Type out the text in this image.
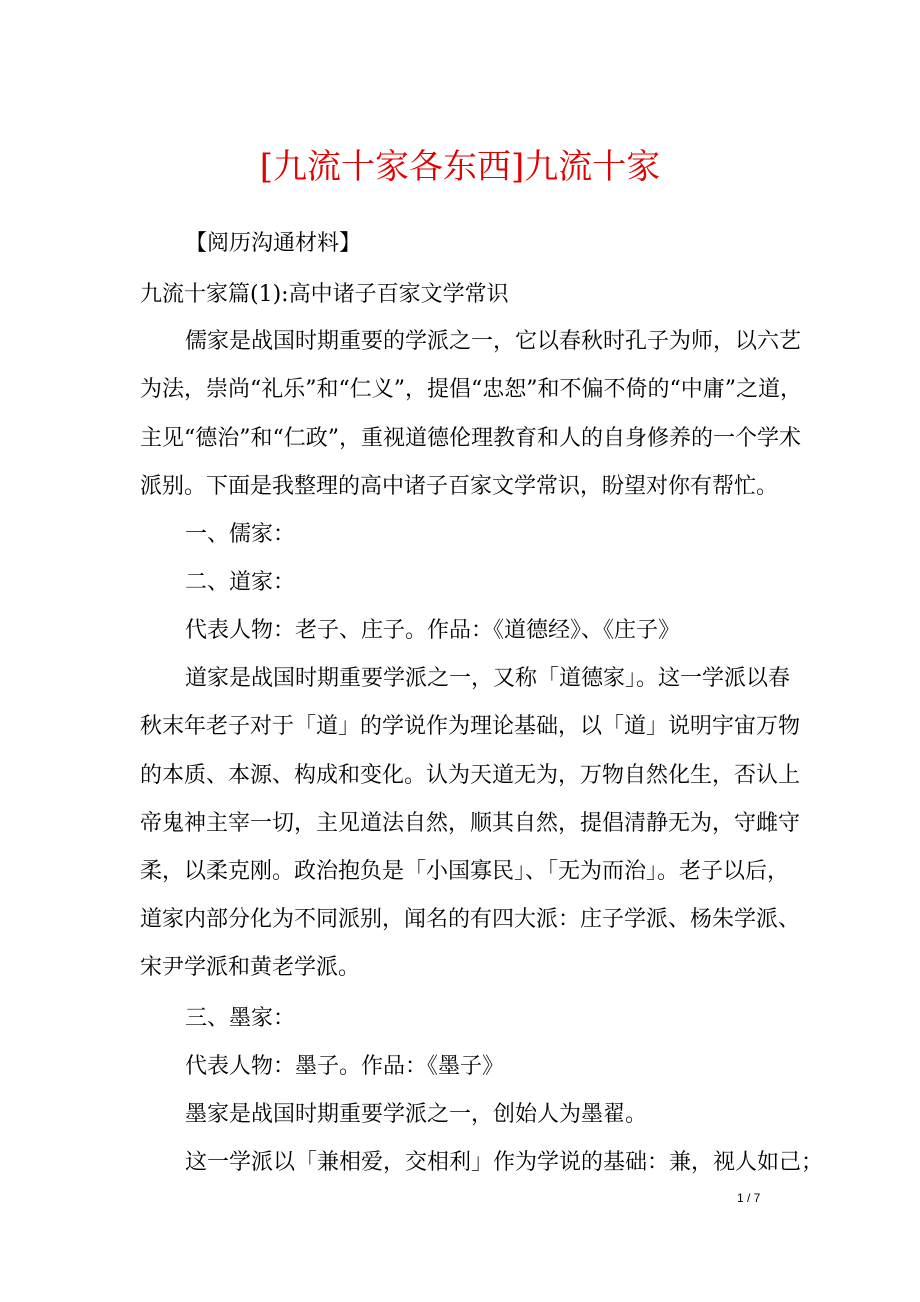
[九流十家各东西]九流十家
【阅历沟通材料】
九流十家篇(1):高中诸子百家文学常识
儒家是战国时期重要的学派之一，它以春秋时孔子为师，以六艺
为法，崇尚“礼乐”和“仁义”，提倡“忠恕”和不偏不倚的“中庸”之道，
主见“德治”和“仁政”，重视道德伦理教育和人的自身修养的一个学术
派别。下面是我整理的高中诸子百家文学常识，盼望对你有帮忙。
一、儒家：
二、道家：
代表人物：老子、庄子。作品：《道德经》、《庄子》
道家是战国时期重要学派之一，又称「道德家」。这一学派以春
秋末年老子对于「道」的学说作为理论基础，以「道」说明宇宙万物
的本质、本源、构成和变化。认为天道无为，万物自然化生，否认上
帝鬼神主宰一切，主见道法自然，顺其自然，提倡清静无为，守雌守
柔，以柔克刚。政治抱负是「小国寡民」、「无为而治」。老子以后，
道家内部分化为不同派别，闻名的有四大派：庄子学派、杨朱学派、
宋尹学派和黄老学派。
三、墨家：
代表人物：墨子。作品：《墨子》
墨家是战国时期重要学派之一，创始人为墨翟。
这一学派以「兼相爱，交相利」作为学说的基础：兼，视人如己；
1 / 7
